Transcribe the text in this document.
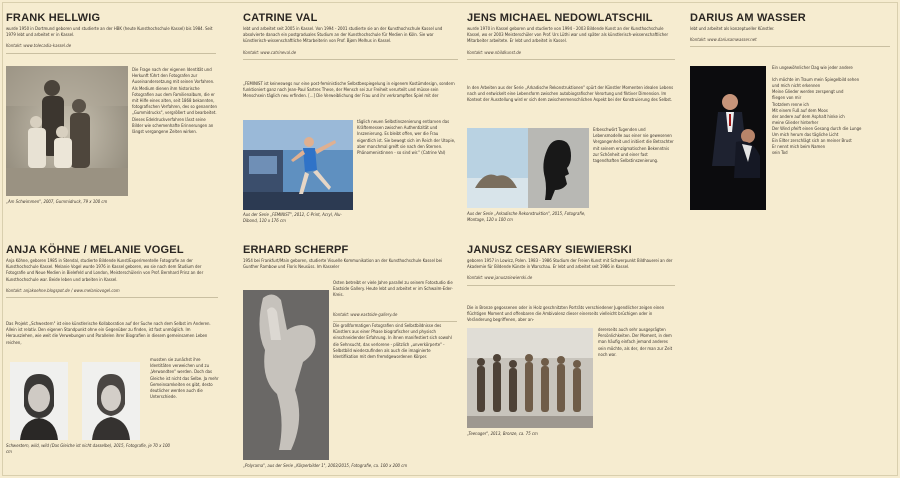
FRANK HELLWIG
wurde 1950 in Dortmund geboren und studierte an der HBK (heute Kunsthochschule Kassel) bis 1984. Seit 1979 lebt und arbeitet er in Kassel.
Kontakt: www.tolecadia-kassel.de
Die Frage nach der eigenen Identität und Herkunft führt den Fotografen zur Auseinandersetzung mit seinen Vorfahren. Als Medium dienen ihm historische Fotografien aus dem Familienalbum, die er mit Hilfe eines alten, seit 1868 bekannten, fotografischen Verfahren, des so genannten „Gummidrucks", vergrößert und bearbeitet. Dieses Edeldruckverfahren lässt seine Bilder wie schemenhafte Erinnerungen an längst vergangene Zeiten wirken.
„Am Schwimmen", 2007, Gummidruck, 79 x 100 cm
CATRINE VAL
lebt und arbeitet seit 2005 in Kassel. Von 1994 - 2001 studierte sie an der Kunsthochschule Kassel und absolvierte danach ein postgraduales Studium an der Kunsthochschule für Medien in Köln. Sie war künstlerisch-wissenschaftliche Mitarbeiterin von Prof. Bjørn Melhus in Kassel.
Kontakt: www.catrineval.de
„FEMINIST ist keineswegs nur eine post-feministische Selbstbespiegelung in eigenem Kostümdesign, sondern funktioniert ganz nach Jean-Paul Sartres These, der Mensch sei zur Freiheit verurteilt und müsse sein Menschsein täglich neu erfinden. [...] Die Verweiblichung der Frau und ihr verkrampftes Spiel mit der
täglich neuen Selbstinszenierung entlarven das Kräftemessen zwischen Authentizität und Inszenierung. Es bleibt offen, wer die Frau eigentlich ist. Sie bewegt sich im Reich der Utopie, aber manchmal greift sie nach den Sternen. Phänomenistinnen - so sind wir." (Catrine Val)
Aus der Serie „FEMINIST", 2012, C-Print, Acryl, Alu-Dibond, 110 x 176 cm
JENS MICHAEL NEDOWLATSCHIL
wurde 1970 in Kassel geboren und studierte von 1994 - 2003 Bildende Kunst an der Kunsthochschule Kassel, wo er 2003 Meisterschüler von Prof. Urs Lüthi war und später als künstlerisch-wissenschaftlicher Mitarbeiter arbeitete. Er lebt und arbeitet in Kassel.
Kontakt: www.nbildkunst.de
In den Arbeiten aus der Serie „Arkadische Rekonstruktionen" spürt der Künstler Momenten idealen Lebens nach und entwickelt eine Lebensform zwischen autobiografischer Verortung und fiktiver Dimension. Im Kontext der Ausstellung wird er sich dem zwischenmenschlichen Aspekt bei der Konstruierung des Selbst.
Erbeschwört Tugenden und Lebensmodelle aus einer nie gewesenen Vergangenheit und initiiert die Betrachter mit seinem enzigmatischen Bekenntnis zur Schönheit und einer fast tagendhaften Selbstinszenierung.
Aus der Serie „Arkadische Rekonstruktion", 2015, Fotografie, Montage, 120 x 100 cm
DARIUS AM WASSER
lebt und arbeitet als konzeptueller Künstler.
Kontakt: www.dariusamwasser.net
Ein ungewöhnlicher Dag wie jeder andere
Ich möchte im Traum mein Spiegelbild sehen
und mich nicht erkennen
Meine Glieder werden zerspengt und
fliegen von mir
Trotzdem renne ich
Mit einem Fuß auf dem Moos
der andere auf dem Asphalt hinke ich
meine Glieder hinterher
Der Wind pfeift einen Gesang durch die Lunge
Um mich herum das tägliche Licht
Ein Ellter zerschlägt sich an meiner Brust
Er nennt mich beim Namen
sein Tod
ANJA KÖHNE / MELANIE VOGEL
Anja Köhne, geboren 1985 in Stendal, studierte Bildende Kunst/Experimentelle Fotografie an der Kunsthochschule Kassel. Melanie Vogel wurde 1976 in Kassel geboren, wo sie nach dem Studium der Fotografie und Neue Medien in Bielefeld und London, Meisterschülerin von Prof. Bernhard Prinz an der Kunsthochschule war. Beide leben und arbeiten in Kassel.
Kontakt: anjakoehne.blogspot.de / www.melaniovogel.com
Das Projekt „Schwestern" ist eine künstlerische Kollaboration auf der Suche nach dem Selbst im Anderen. Allein ist relativ. Den eigenen Standpunkt ohne ein Gegenüber zu finden, ist fast unmöglich. Im Herausziehen, wie weit die Verwebungen und Parallelen ihrer Biografien in diesem gemeinsamen Leben reichen,
mussten sie zunächst ihre Identitäten verweichen und zu „Verwandten" werden. Doch das Gleiche ist nicht das Selbe. Ja mehr Gemeinsamkeiten es gibt, desto deutlicher werden auch die Unterschiede.
Schwestern, wild, wild (Das Gleiche ist nicht dasselbe), 2015, Fotografie, je 70 x 100 cm
ERHARD SCHERPF
1954 bei Frankfurt/Main geboren, studierte Visuelle Kommunikation an der Kunsthochschule Kassel bei Gunther Rambow und Floris Neusüss. Im Kasseler
Osten betreibt er viele Jahre parallel zu seinem Fotostudio die Eastside Gallery. Heute lebt und arbeitet er im Schwalm-Eder-Kreis.
Kontakt: www.eastside-gallery.de
Die großformatigen Fotografien sind Selbstbildnisse des Künstlers aus einer Phase biografischer und physisch einschneidender Erfahrung. In ihnen manifestiert sich sowohl die Sehnsucht, das verlorene - plötzlich „unverkörperte" - Selbstbild wiederzufinden als auch die imaginierte Identifikation mit dem fremdgewordenen Körper.
„Polyrama", aus der Serie „Körperbilder 1", 2003/2015, Fotografie, ca. 100 x 200 cm
JANUSZ CESARY SIEWIERSKI
geboren 1957 in Lowicz, Polen. 1983 - 1986 Studium der Freien Kunst mit Schwerpunkt Bildhauerei an der Akademie für Bildende Künste in Warschau. Er lebt und arbeitet seit 1986 in Kassel.
Kontakt: www.januszsiewierski.de
Die in Bronze gegossenen oder in Holz geschnitzten Porträts verschiedener Jugendlicher zeigen einen flüchtigen Moment und offenbaren die Ambivalenz dieser einerseits vielleicht brüchigen oder in Veränderung begriffenen, aber an-
dererseits auch sehr ausgeprägten Persönlichkeiten. Der Moment, in dem man häufig einfach jemand anderes sein möchte, als der, der man zur Zeit noch war.
„Teenager", 2013, Bronze, ca. 75 cm
